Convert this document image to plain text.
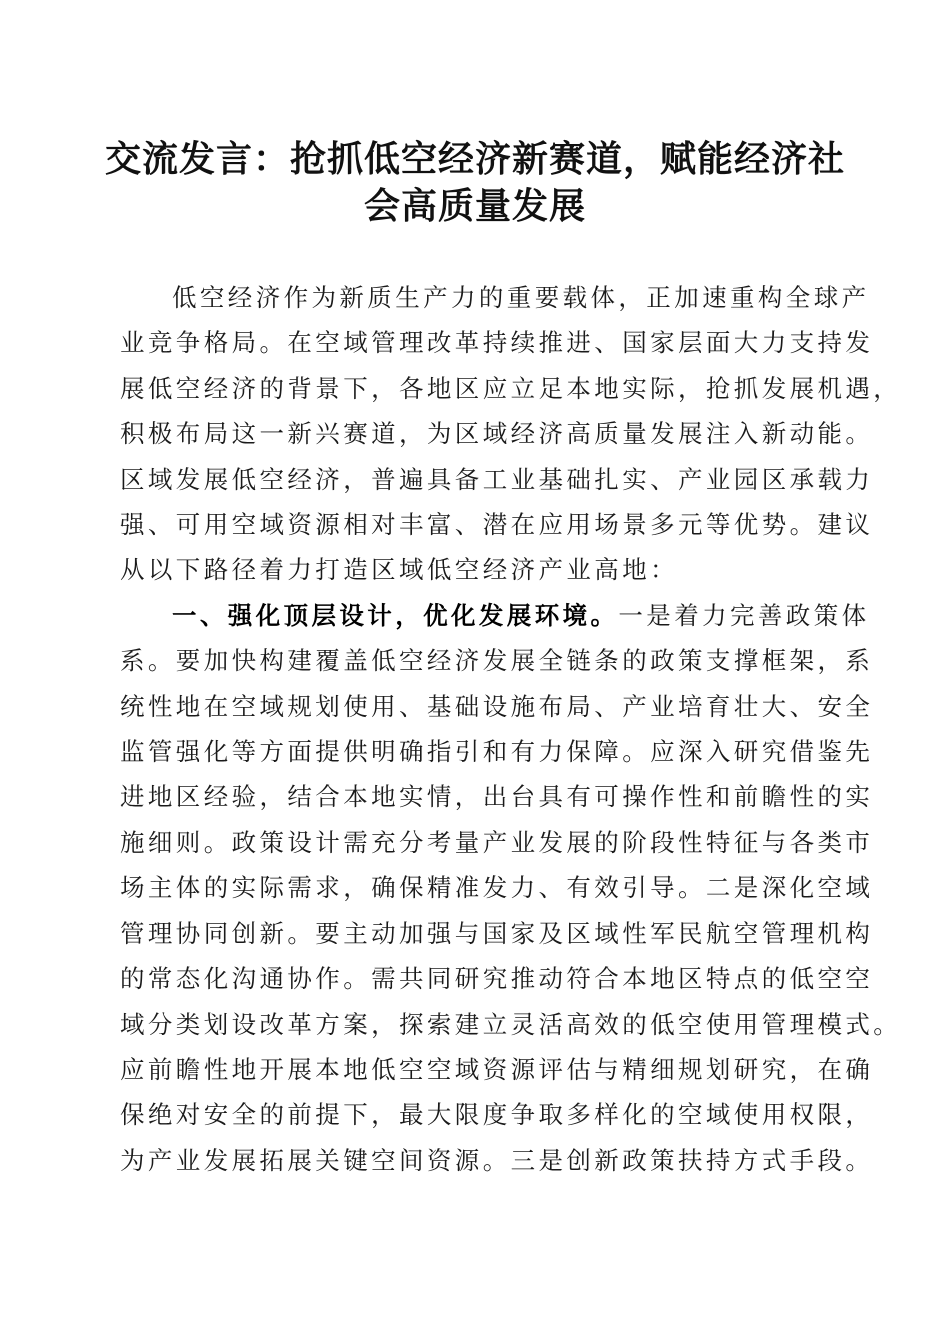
交流发言：抢抓低空经济新赛道，赋能经济社
会高质量发展
低空经济作为新质生产力的重要载体，正加速重构全球产
业竞争格局。在空域管理改革持续推进、国家层面大力支持发
展低空经济的背景下，各地区应立足本地实际，抢抓发展机遇，
积极布局这一新兴赛道，为区域经济高质量发展注入新动能。
区域发展低空经济，普遍具备工业基础扎实、产业园区承载力
强、可用空域资源相对丰富、潜在应用场景多元等优势。建议
从以下路径着力打造区域低空经济产业高地：
一、强化顶层设计，优化发展环境。一是着力完善政策体
系。要加快构建覆盖低空经济发展全链条的政策支撑框架，系
统性地在空域规划使用、基础设施布局、产业培育壮大、安全
监管强化等方面提供明确指引和有力保障。应深入研究借鉴先
进地区经验，结合本地实情，出台具有可操作性和前瞻性的实
施细则。政策设计需充分考量产业发展的阶段性特征与各类市
场主体的实际需求，确保精准发力、有效引导。二是深化空域
管理协同创新。要主动加强与国家及区域性军民航空管理机构
的常态化沟通协作。需共同研究推动符合本地区特点的低空空
域分类划设改革方案，探索建立灵活高效的低空使用管理模式。
应前瞻性地开展本地低空空域资源评估与精细规划研究，在确
保绝对安全的前提下，最大限度争取多样化的空域使用权限，
为产业发展拓展关键空间资源。三是创新政策扶持方式手段。
